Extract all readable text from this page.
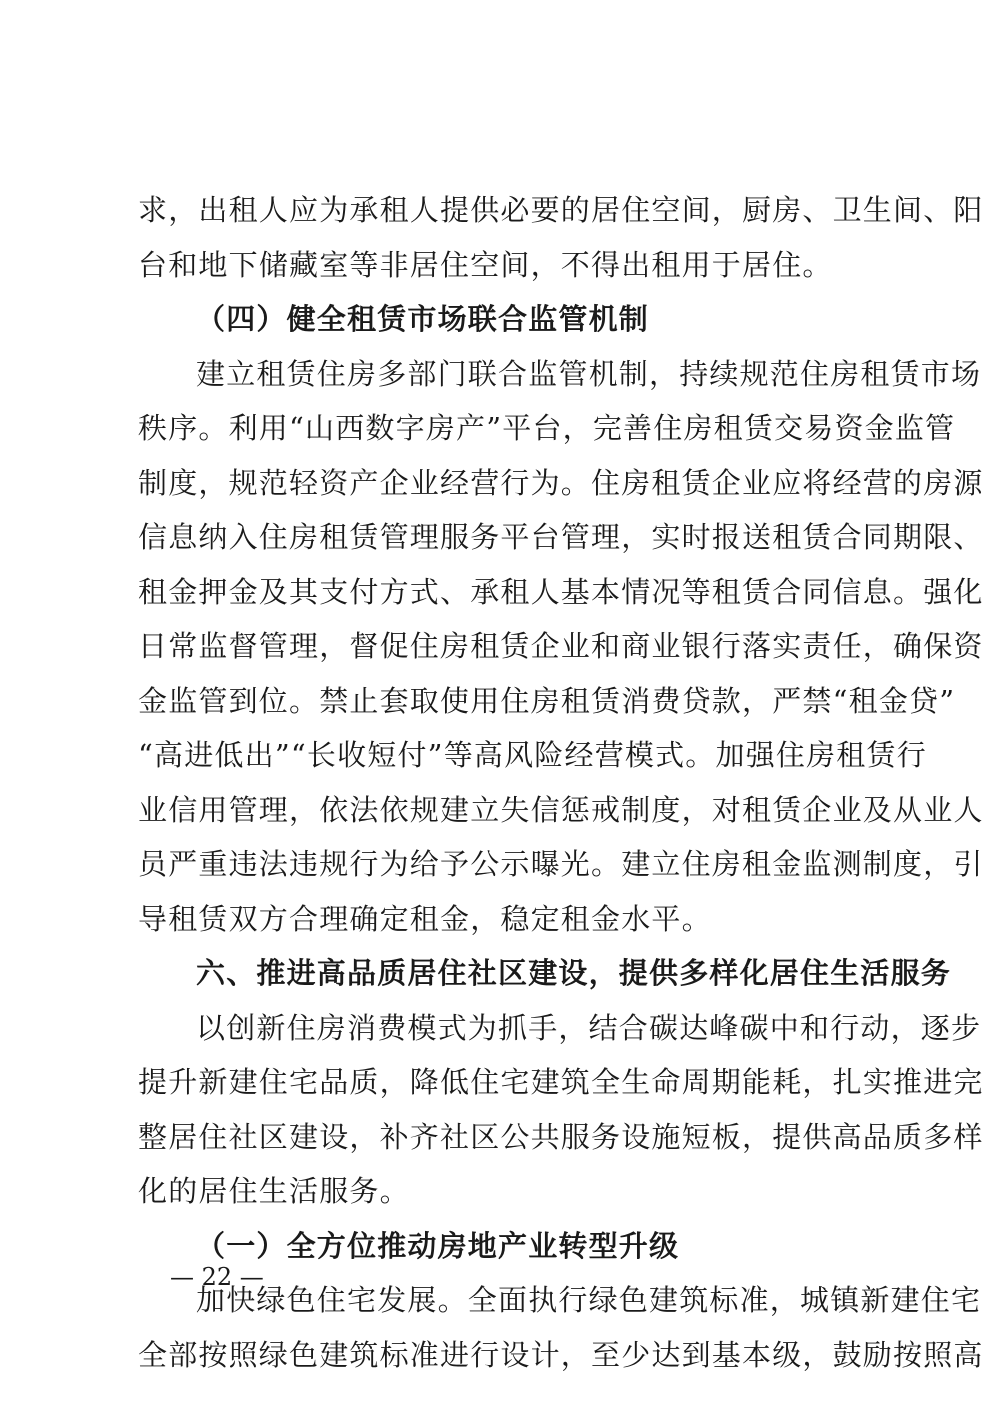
求，出租人应为承租人提供必要的居住空间，厨房、卫生间、阳
台和地下储藏室等非居住空间，不得出租用于居住。
（四）健全租赁市场联合监管机制
建立租赁住房多部门联合监管机制，持续规范住房租赁市场
秩序。利用“山西数字房产”平台，完善住房租赁交易资金监管
制度，规范轻资产企业经营行为。住房租赁企业应将经营的房源
信息纳入住房租赁管理服务平台管理，实时报送租赁合同期限、
租金押金及其支付方式、承租人基本情况等租赁合同信息。强化
日常监督管理，督促住房租赁企业和商业银行落实责任，确保资
金监管到位。禁止套取使用住房租赁消费贷款，严禁“租金贷”
“高进低出”“长收短付”等高风险经营模式。加强住房租赁行
业信用管理，依法依规建立失信惩戒制度，对租赁企业及从业人
员严重违法违规行为给予公示曝光。建立住房租金监测制度，引
导租赁双方合理确定租金，稳定租金水平。
六、推进高品质居住社区建设，提供多样化居住生活服务
以创新住房消费模式为抓手，结合碳达峰碳中和行动，逐步
提升新建住宅品质，降低住宅建筑全生命周期能耗，扎实推进完
整居住社区建设，补齐社区公共服务设施短板，提供高品质多样
化的居住生活服务。
（一）全方位推动房地产业转型升级
加快绿色住宅发展。全面执行绿色建筑标准，城镇新建住宅
全部按照绿色建筑标准进行设计，至少达到基本级，鼓励按照高
— 22 —
